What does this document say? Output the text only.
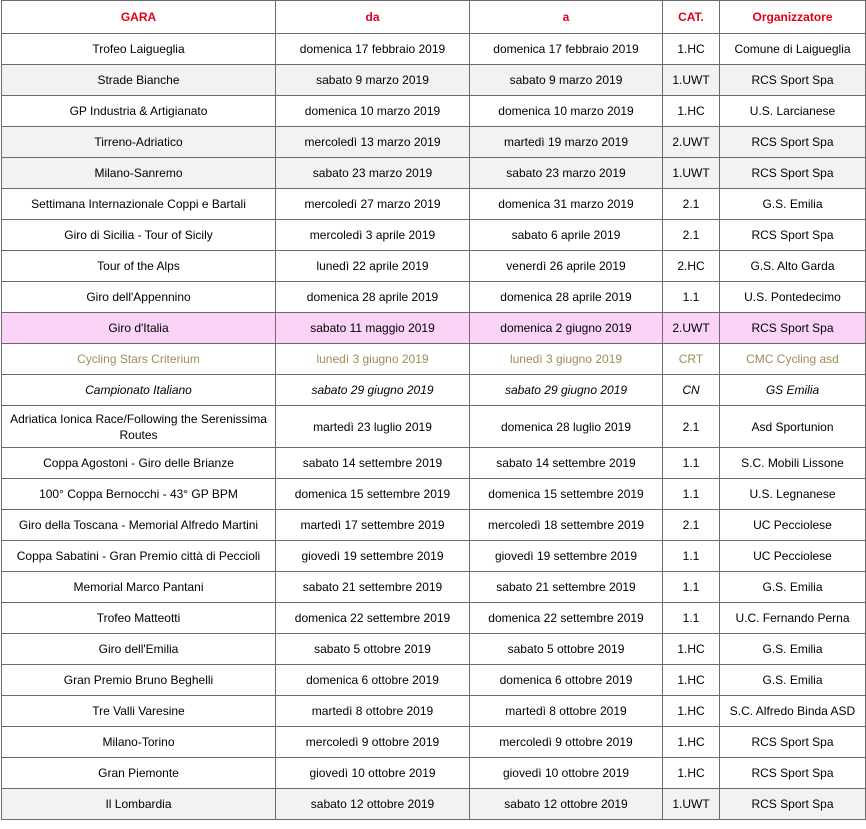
GARA	da	a	CAT.	Organizzatore
Trofeo Laigueglia	domenica 17 febbraio 2019	domenica 17 febbraio 2019	1.HC	Comune di Laigueglia
Strade Bianche	sabato 9 marzo 2019	sabato 9 marzo 2019	1.UWT	RCS Sport Spa
GP Industria & Artigianato	domenica 10 marzo 2019	domenica 10 marzo 2019	1.HC	U.S. Larcianese
Tirreno-Adriatico	mercoledì 13 marzo 2019	martedì 19 marzo 2019	2.UWT	RCS Sport Spa
Milano-Sanremo	sabato 23 marzo 2019	sabato 23 marzo 2019	1.UWT	RCS Sport Spa
Settimana Internazionale Coppi e Bartali	mercoledì 27 marzo 2019	domenica 31 marzo 2019	2.1	G.S. Emilia
Giro di Sicilia - Tour of Sicily	mercoledì 3 aprile 2019	sabato 6 aprile 2019	2.1	RCS Sport Spa
Tour of the Alps	lunedì 22 aprile 2019	venerdì 26 aprile 2019	2.HC	G.S. Alto Garda
Giro dell'Appennino	domenica 28 aprile 2019	domenica 28 aprile 2019	1.1	U.S. Pontedecimo
Giro d'Italia	sabato 11 maggio 2019	domenica 2 giugno 2019	2.UWT	RCS Sport Spa
Cycling Stars Criterium	lunedì 3 giugno 2019	lunedì 3 giugno 2019	CRT	CMC Cycling asd
Campionato Italiano	sabato 29 giugno 2019	sabato 29 giugno 2019	CN	GS Emilia
Adriatica Ionica Race/Following the Serenissima Routes	martedì 23 luglio 2019	domenica 28 luglio 2019	2.1	Asd Sportunion
Coppa Agostoni - Giro delle Brianze	sabato 14 settembre 2019	sabato 14 settembre 2019	1.1	S.C. Mobili Lissone
100° Coppa Bernocchi - 43° GP BPM	domenica 15 settembre 2019	domenica 15 settembre 2019	1.1	U.S. Legnanese
Giro della Toscana - Memorial Alfredo Martini	martedì 17 settembre 2019	mercoledì 18 settembre 2019	2.1	UC Pecciolese
Coppa Sabatini - Gran Premio città di Peccioli	giovedì 19 settembre 2019	giovedì 19 settembre 2019	1.1	UC Pecciolese
Memorial Marco Pantani	sabato 21 settembre 2019	sabato 21 settembre 2019	1.1	G.S. Emilia
Trofeo Matteotti	domenica 22 settembre 2019	domenica 22 settembre 2019	1.1	U.C. Fernando Perna
Giro dell'Emilia	sabato 5 ottobre 2019	sabato 5 ottobre 2019	1.HC	G.S. Emilia
Gran Premio Bruno Beghelli	domenica 6 ottobre 2019	domenica 6 ottobre 2019	1.HC	G.S. Emilia
Tre Valli Varesine	martedì 8 ottobre 2019	martedì 8 ottobre 2019	1.HC	S.C. Alfredo Binda ASD
Milano-Torino	mercoledì 9 ottobre 2019	mercoledì 9 ottobre 2019	1.HC	RCS Sport Spa
Gran Piemonte	giovedì 10 ottobre 2019	giovedì 10 ottobre 2019	1.HC	RCS Sport Spa
Il Lombardia	sabato 12 ottobre 2019	sabato 12 ottobre 2019	1.UWT	RCS Sport Spa
